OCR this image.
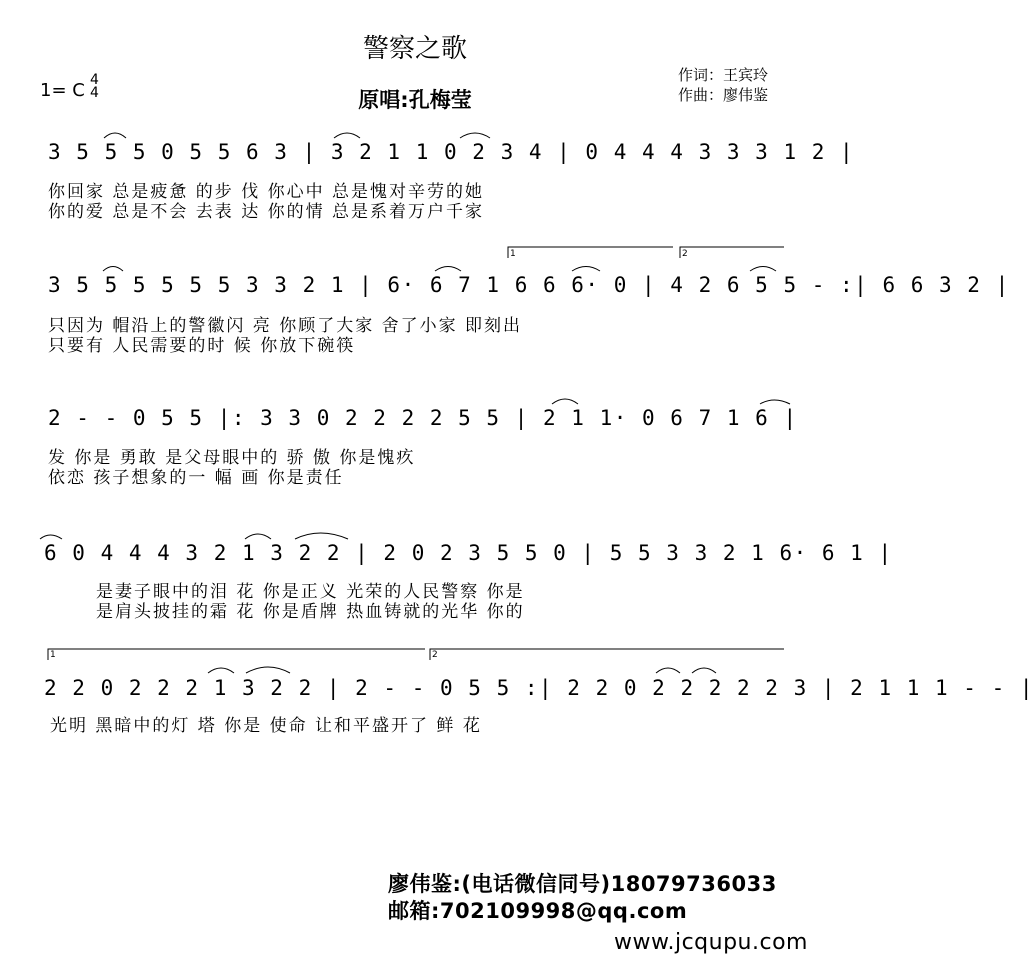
警察之歌
1= C 4
4	原唱:孔梅莹
作词：王宾玲
作曲：廖伟鉴
3 5 5 5 0 5 5 6 3 | 3 2 1 1 0 2 3 4 | 0 4 4 4 3 3 3 1 2 |
你回家 总是疲惫 的步 伐 你心中 总是愧对辛劳的她
你的爱 总是不会 去表 达 你的情 总是系着万户千家
3 5 5 5 5 5 5 3 3 2 1 | 6· 6 7 1 6 6 6· 0 | 4 2 6 5 5 - :| 6 6 3 2 |
只因为 帽沿上的警徽闪 亮 你顾了大家 舍了小家 即刻出
只要有 人民需要的时 候 你放下碗筷
1	2
2 - - 0 5 5 |: 3 3 0 2 2 2 2 5 5 | 2 1 1· 0 6 7 1 6 |
发 你是 勇敢 是父母眼中的 骄 傲 你是愧疚
依恋 孩子想象的一 幅 画 你是责任
6 0 4 4 4 3 2 1 3 2 2 | 2 0 2 3 5 5 0 | 5 5 3 3 2 1 6· 6 1 |
是妻子眼中的泪 花 你是正义 光荣的人民警察 你是
是肩头披挂的霜 花 你是盾牌 热血铸就的光华 你的
2 2 0 2 2 2 1 3 2 2 | 2 - - 0 5 5 :| 2 2 0 2 2 2 2 2 3 | 2 1 1 1 - - |
光明 黑暗中的灯 塔 你是 使命 让和平盛开了 鲜 花
1	2
廖伟鉴:(电话微信同号)18079736033
邮箱:702109998@qq.com
www.jcqupu.com
